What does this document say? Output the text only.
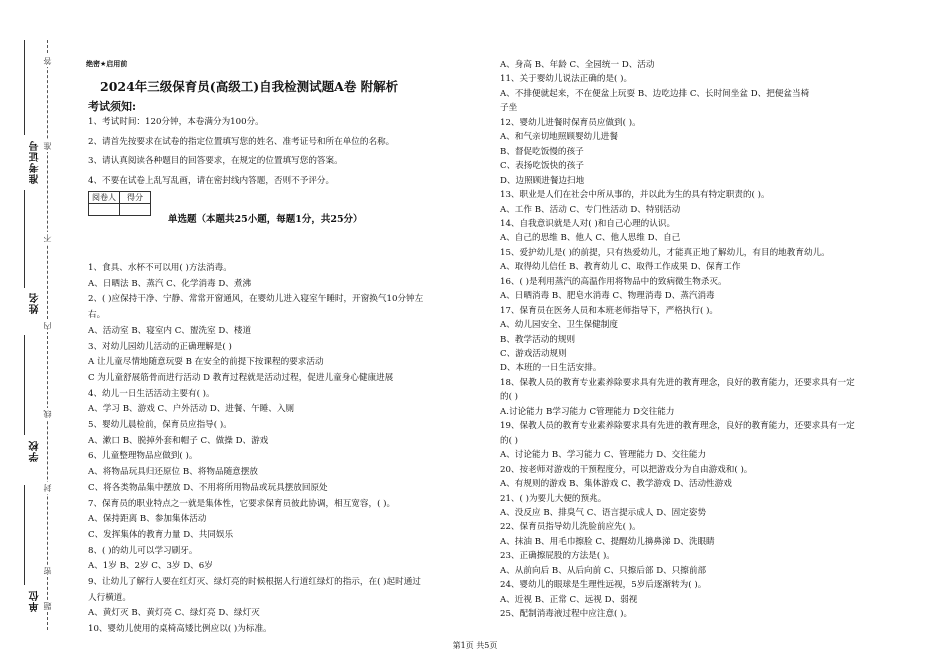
准考证号
姓名
学校
单位
答
准
不
内
线
封
密
题
绝密★启用前
2024年三级保育员(高级工)自我检测试题A卷 附解析
考试须知:
1、考试时间：120分钟，本卷满分为100分。
2、请首先按要求在试卷的指定位置填写您的姓名、准考证号和所在单位的名称。
3、请认真阅读各种题目的回答要求，在规定的位置填写您的答案。
4、不要在试卷上乱写乱画，请在密封线内答题，否则不予评分。
阅卷人	得分

单选题（本题共25小题，每题1分，共25分）
1、食具、水杯不可以用( )方法消毒。
A、日晒法 B、蒸汽 C、化学消毒 D、煮沸
2、( )应保持干净、宁静、常常开窗通风，在婴幼儿进入寝室午睡时，开窗换气10分钟左
右。
A、活动室 B、寝室内 C、盥洗室 D、楼道
3、对幼儿园幼儿活动的正确理解是( )
A 让儿童尽情地随意玩耍 B 在安全的前提下按课程的要求活动
C 为儿童舒展筋骨而进行活动 D 教育过程就是活动过程，促进儿童身心健康进展
4、幼儿一日生活活动主要有( )。
A、学习 B、游戏 C、户外活动 D、进餐、午睡、入厕
5、婴幼儿晨检前，保育员应指导( )。
A、漱口 B、脱掉外套和帽子 C、做操 D、游戏
6、儿童整理物品应做到( )。
A、将物品玩具归还原位 B、将物品随意摆放
C、将各类物品集中摆放 D、不用将所用物品或玩具摆放回原处
7、保育员的职业特点之一就是集体性，它要求保育员彼此协调，相互宽容，( )。
A、保持距离 B、参加集体活动
C、发挥集体的教育力量 D、共同娱乐
8、( )的幼儿可以学习刷牙。
A、1岁 B、2岁 C、3岁 D、6岁
9、让幼儿了解行人要在红灯灭、绿灯亮的时候根据人行道红绿灯的指示，在( )起时通过
人行横道。
A、黄灯灭 B、黄灯亮 C、绿灯亮 D、绿灯灭
10、婴幼儿使用的桌椅高矮比例应以( )为标准。
A、身高 B、年龄 C、全园统一 D、活动
11、关于婴幼儿说法正确的是( )。
A、不排便就起来，不在便盆上玩耍 B、边吃边排 C、长时间坐盆 D、把便盆当椅
子坐
12、婴幼儿进餐时保育员应做到( )。
A、和气亲切地照顾婴幼儿进餐
B、督促吃饭慢的孩子
C、表扬吃饭快的孩子
D、边照顾进餐边扫地
13、职业是人们在社会中所从事的，并以此为生的具有特定职责的( )。
A、工作 B、活动 C、专门性活动 D、特别活动
14、自我意识就是人对( )和自己心理的认识。
A、自己的思维 B、他人 C、他人思维 D、自己
15、爱护幼儿是( )的前提，只有热爱幼儿，才能真正地了解幼儿，有目的地教育幼儿。
A、取得幼儿信任 B、教育幼儿 C、取得工作成果 D、保育工作
16、( )是利用蒸汽的高温作用将物品中的致病微生物杀灭。
A、日晒消毒 B、肥皂水消毒 C、物理消毒 D、蒸汽消毒
17、保育员在医务人员和本班老师指导下，严格执行( )。
A、幼儿园安全、卫生保健制度
B、教学活动的规则
C、游戏活动规则
D、本班的一日生活安排。
18、保教人员的教育专业素养除要求具有先进的教育理念，良好的教育能力，还要求具有一定
的( )
A.讨论能力 B学习能力 C管理能力 D交往能力
19、保教人员的教育专业素养除要求具有先进的教育理念，良好的教育能力，还要求具有一定
的( )
A、讨论能力 B、学习能力 C、管理能力 D、交往能力
20、按老师对游戏的干预程度分，可以把游戏分为自由游戏和( )。
A、有规则的游戏 B、集体游戏 C、教学游戏 D、活动性游戏
21、( )为要儿大便的预兆。
A、没反应 B、排臭气 C、语言提示成人 D、固定姿势
22、保育员指导幼儿洗脸前应先( )。
A、抹油 B、用毛巾擦脸 C、提醒幼儿擤鼻涕 D、洗眼睛
23、正确擦屁股的方法是( )。
A、从前向后 B、从后向前 C、只擦后部 D、只擦前部
24、婴幼儿的眼球是生理性远视，5岁后逐渐转为( )。
A、近视 B、正常 C、远视 D、弱视
25、配制消毒液过程中应注意( )。
第1页 共5页
